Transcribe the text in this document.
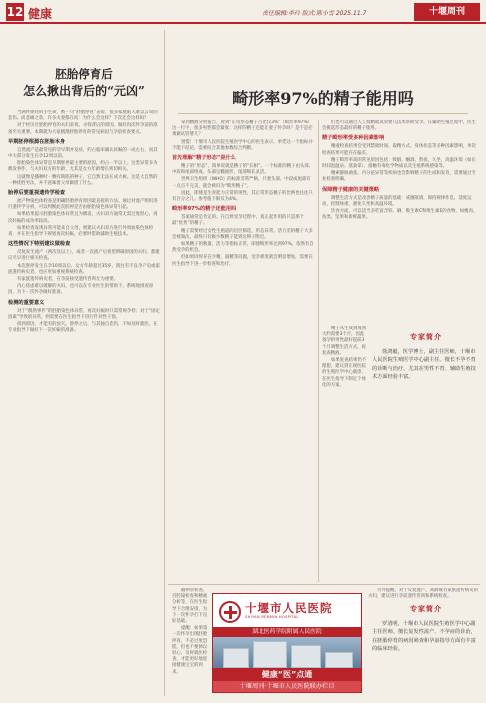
12 健康	责任编辑:李玲 版式:陈小雪 2025.11.7	十堰周刊
胚胎停育后
怎么揪出背后的“元凶”

当满怀期待的小生命，被一句“胚胎停育”击碎，很多家庭陷入难以言说的悲伤。而悲痛之余，许多夫妻都在问：为什么会这样？下次还会这样吗？

对于经历过胚胎停育的夫妇来说，寻找背后的原因、做好再次怀孕前的准备至关重要。本期就为大家梳理胚胎停育的常见病因与孕前检查要点。

早期胚停根源在胚胎本身

自然流产是最常见的孕早期并发症，约占临床确认妊娠的一成左右，而其中大部分发生在孕12周以前。

胚胎染色体异常是早期胚停最主要的原因，约占一半以上。这类异常多为偶发事件，与夫妇双方的年龄、尤其是女方年龄增长密切相关。

这就像是播种时一颗有缺陷的种子，它自然无法长成大树。这是大自然的一种优胜劣汰，并不意味着父母做错了什么。

胎停后要重视遗传学检查

流产物染色体检查是明确胚胎停育原因最直接的方法。通过对流产组织进行遗传学分析，可以判断此次胚停是否由胚胎染色体异常引起。

如果结果提示胚胎染色体异常且为偶发，夫妇双方通常无需过度担心，再次妊娠的成功率较高。

如果检查发现异常可能来自父母，则建议夫妇双方进行外周血染色体检查，并在医生指导下规划再次妊娠，必要时借助辅助生殖技术。

这些情况下特别建议做检查

反复发生流产（两次及以上），或者一次流产后希望明确原因的夫妇，都建议尽早进行相关检查。

本次胚停发生在孕10周以后、女方年龄超过35岁、既往有不良孕产史或家族遗传病史者，也应更加重视系统检查。

有家族遗传病史者，在孕前接受遗传咨询尤为重要。

内心焦虑难以缓解的夫妇，也可以在专业医生的帮助下，系统地排查原因，为下一次怀孕做好准备。

检测的重要意义

对于“偶然事件”的胚胎染色体异常，再次妊娠时只需常规孕检；对于“固定因素”导致的异常，则需要在医生指导下进行针对性干预。

找到原因，才能有的放矢。胚停之后，与其独自悲伤，不如及时就医，在专业指导下做好下一次妊娠的准备。

畸形率97%的精子能用吗

拿到精液分析报告，看到“正常形态精子占比仅3%”（畸形率97%）这一行字，很多男性都会紧张：这样的精子还能让妻子怀孕吗？是不是必须做试管婴儿？

别慌！十堰市人民医院生殖医学中心的医生表示，单凭这一个指标并不能下结论，需要结合其他参数综合判断。

首先理解“精子形态”是什么

精子的“形态”，简单说就是精子的“长相”。一个标准的精子由头部、中段和尾部组成，头部呈椭圆形，尾部细长灵活。

世界卫生组织（WHO）的标准非常严格，只要头部、中段或尾部有一点点不完美，就会被归为“畸形精子”。

因此，即使是生育能力正常的男性，其正常形态精子的比例也往往只有百分之几。参考值下限仅为4%。

畸形率97%的精子还能用吗

答案通常是肯定的。在自然受孕过程中，真正起作用的只是那个最“优秀”的精子。

精子需要经过女性生殖道的层层筛选，形态异常、活力差的精子大多会被淘汰，最终只有极少数精子能到达卵子附近。

如果精子的数量、活力等指标正常，即使畸形率达到97%，依然有自然受孕的机会。

但如果同时存在少精、弱精等问题，受孕难度就会明显增加，需要在医生指导下进一步检查和治疗。

们也可以通过人工授精或试管婴儿技术帮助受孕。在辅助生殖过程中，医生会挑选形态最好的精子使用。

精子畸形率受多种因素影响

精液检查结果会受到禁欲时间、取精方式、身体状态等多种因素影响，单次检查结果可能存在偏差。

精子畸形率高的常见原因包括：吸烟、酗酒、熬夜、久坐、高温环境（如长时间泡温泉、蒸桑拿）、接触有毒化学物质以及生殖系统感染等。

精索静脉曲张、内分泌异常等疾病也会影响精子的生成和发育，需要通过专业检查明确。

保障精子健康的关键策略

调整生活方式是改善精子质量的基础：戒烟限酒，保持规律作息，适度运动，控制体重，避免久坐和高温环境。

饮食方面，可以适当多吃富含锌、硒、维生素C和维生素E的食物，如瘦肉、鱼类、坚果和新鲜蔬果。

精子从生成到成熟大约需要3个月，因此备孕的男性最好提前3个月调整生活方式，再复查精液。

如果复查结果仍不理想，建议到正规医院的生殖医学中心就诊，在医生指导下制定个体化的方案。

专家简介
徐鸿毅，医学博士，副主任医师，十堰市人民医院生殖医学中心副主任。擅长不孕不育的诊断与治疗，尤其在男性不育、辅助生殖技术方面经验丰富。

输卵管检查、宫腔镜检查和精液分析等，在医生指导下合理安排，为下一次怀孕打下良好基础。

提醒：如果第一次怀孕出现胚胎停育，不必过度恐慌，但也不要掉以轻心，及时就医检查，才能更好地迎接健康宝宝的到来。

十堰市人民医院
SHIYAN RENMIN HOSPITAL
湖北医药学院附属人民医院
健康“医”点通
十堰周刊·十堰市人民医院联办栏目

另外提醒，对于反复流产、高龄或有家族遗传病史的夫妇，建议进行孕前遗传咨询和系统检查。

专家简介
罗清明，十堰市人民医院生殖医学中心副主任医师。擅长复发性流产、不孕症的诊治，在胚胎停育的病因筛查和孕前指导方面有丰富的临床经验。
